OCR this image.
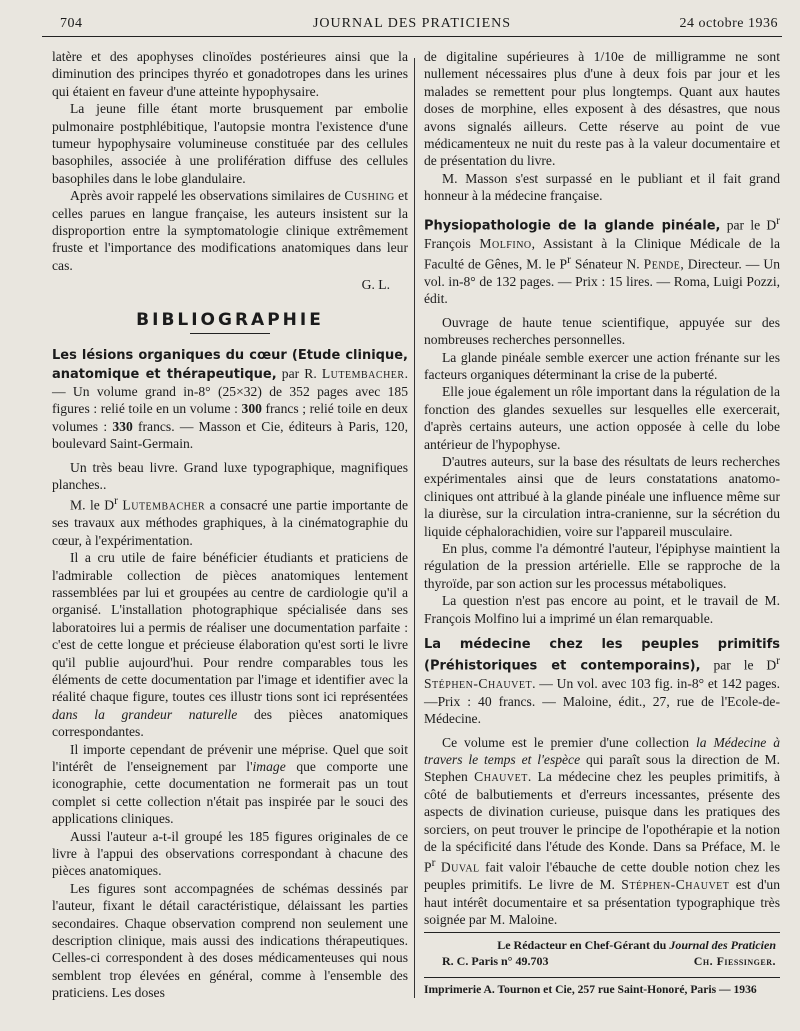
704	JOURNAL DES PRATICIENS	24 octobre 1936

latère et des apophyses clinoïdes postérieures ainsi que la diminution des principes thyréo et gonadotropes dans les urines qui étaient en faveur d'une atteinte hypophysaire.

La jeune fille étant morte brusquement par embolie pulmonaire postphlébitique, l'autopsie montra l'existence d'une tumeur hypophysaire volumineuse constituée par des cellules basophiles, associée à une prolifération diffuse des cellules basophiles dans le lobe glandulaire.

Après avoir rappelé les observations similaires de Cushing et celles parues en langue française, les auteurs insistent sur la disproportion entre la symptomatologie clinique extrêmement fruste et l'importance des modifications anatomiques dans leur cas.

G. L.

BIBLIOGRAPHIE

Les lésions organiques du cœur (Etude clinique, anatomique et thérapeutique, par R. Lutembacher. — Un volume grand in-8° (25×32) de 352 pages avec 185 figures : relié toile en un volume : 300 francs ; relié toile en deux volumes : 330 francs. — Masson et Cie, éditeurs à Paris, 120, boulevard Saint-Germain.

Un très beau livre. Grand luxe typographique, magnifiques planches..

M. le $D^r$ Lutembacher a consacré une partie importante de ses travaux aux méthodes graphiques, à la cinématographie du cœur, à l'expérimentation.

Il a cru utile de faire bénéficier étudiants et praticiens de l'admirable collection de pièces anatomiques lentement rassemblées par lui et groupées au centre de cardiologie qu'il a organisé. L'installation photographique spécialisée dans ses laboratoires lui a permis de réaliser une documentation parfaite : c'est de cette longue et précieuse élaboration qu'est sorti le livre qu'il publie aujourd'hui. Pour rendre comparables tous les éléments de cette documentation par l'image et identifier avec la réalité chaque figure, toutes ces illustr tions sont ici représentées dans la grandeur naturelle des pièces anatomiques correspondantes.

Il importe cependant de prévenir une méprise. Quel que soit l'intérêt de l'enseignement par l'image que comporte une iconographie, cette documentation ne formerait pas un tout complet si cette collection n'était pas inspirée par le souci des applications cliniques.

Aussi l'auteur a-t-il groupé les 185 figures originales de ce livre à l'appui des observations correspondant à chacune des pièces anatomiques.

Les figures sont accompagnées de schémas dessinés par l'auteur, fixant le détail caractéristique, délaissant les parties secondaires. Chaque observation comprend non seulement une description clinique, mais aussi des indications thérapeutiques. Celles-ci correspondent à des doses médicamenteuses qui nous semblent trop élevées en général, comme à l'ensemble des praticiens. Les doses

de digitaline supérieures à 1/10e de milligramme ne sont nullement nécessaires plus d'une à deux fois par jour et les malades se remettent pour plus longtemps. Quant aux hautes doses de morphine, elles exposent à des désastres, que nous avons signalés ailleurs. Cette réserve au point de vue médicamenteux ne nuit du reste pas à la valeur documentaire et de présentation du livre.

M. Masson s'est surpassé en le publiant et il fait grand honneur à la médecine française.

Physiopathologie de la glande pinéale, par le $D^r$ François Molfino, Assistant à la Clinique Médicale de la Faculté de Gênes, M. le $P^r$ Sénateur N. Pende, Directeur. — Un vol. in-8° de 132 pages. — Prix : 15 lires. — Roma, Luigi Pozzi, édit.

Ouvrage de haute tenue scientifique, appuyée sur des nombreuses recherches personnelles.

La glande pinéale semble exercer une action frénante sur les facteurs organiques déterminant la crise de la puberté.

Elle joue également un rôle important dans la régulation de la fonction des glandes sexuelles sur lesquelles elle exercerait, d'après certains auteurs, une action opposée à celle du lobe antérieur de l'hypophyse.

D'autres auteurs, sur la base des résultats de leurs recherches expérimentales ainsi que de leurs constatations anatomo-cliniques ont attribué à la glande pinéale une influence même sur la diurèse, sur la circulation intra-cranienne, sur la sécrétion du liquide céphalorachidien, voire sur l'appareil musculaire.

En plus, comme l'a démontré l'auteur, l'épiphyse maintient la régulation de la pression artérielle. Elle se rapproche de la thyroïde, par son action sur les processus métaboliques.

La question n'est pas encore au point, et le travail de M. François Molfino lui a imprimé un élan remarquable.

La médecine chez les peuples primitifs (Préhistoriques et contemporains), par le $D^r$ Stéphen-Chauvet. — Un vol. avec 103 fig. in-8° et 142 pages. —Prix : 40 francs. — Maloine, édit., 27, rue de l'Ecole-de-Médecine.

Ce volume est le premier d'une collection la Médecine à travers le temps et l'espèce qui paraît sous la direction de M. Stephen Chauvet. La médecine chez les peuples primitifs, à côté de balbutiements et d'erreurs incessantes, présente des aspects de divination curieuse, puisque dans les pratiques des sorciers, on peut trouver le principe de l'opothérapie et la notion de la spécificité dans l'étude des Konde. Dans sa Préface, M. le $P^r$ Duval fait valoir l'ébauche de cette double notion chez les peuples primitifs. Le livre de M. Stéphen-Chauvet est d'un haut intérêt documentaire et sa présentation typographique très soignée par M. Maloine.

Le Rédacteur en Chef-Gérant du Journal des Praticien
R. C. Paris n° 49.703	Ch. Fiessinger.
Imprimerie A. Tournon et Cie, 257 rue Saint-Honoré, Paris — 1936
